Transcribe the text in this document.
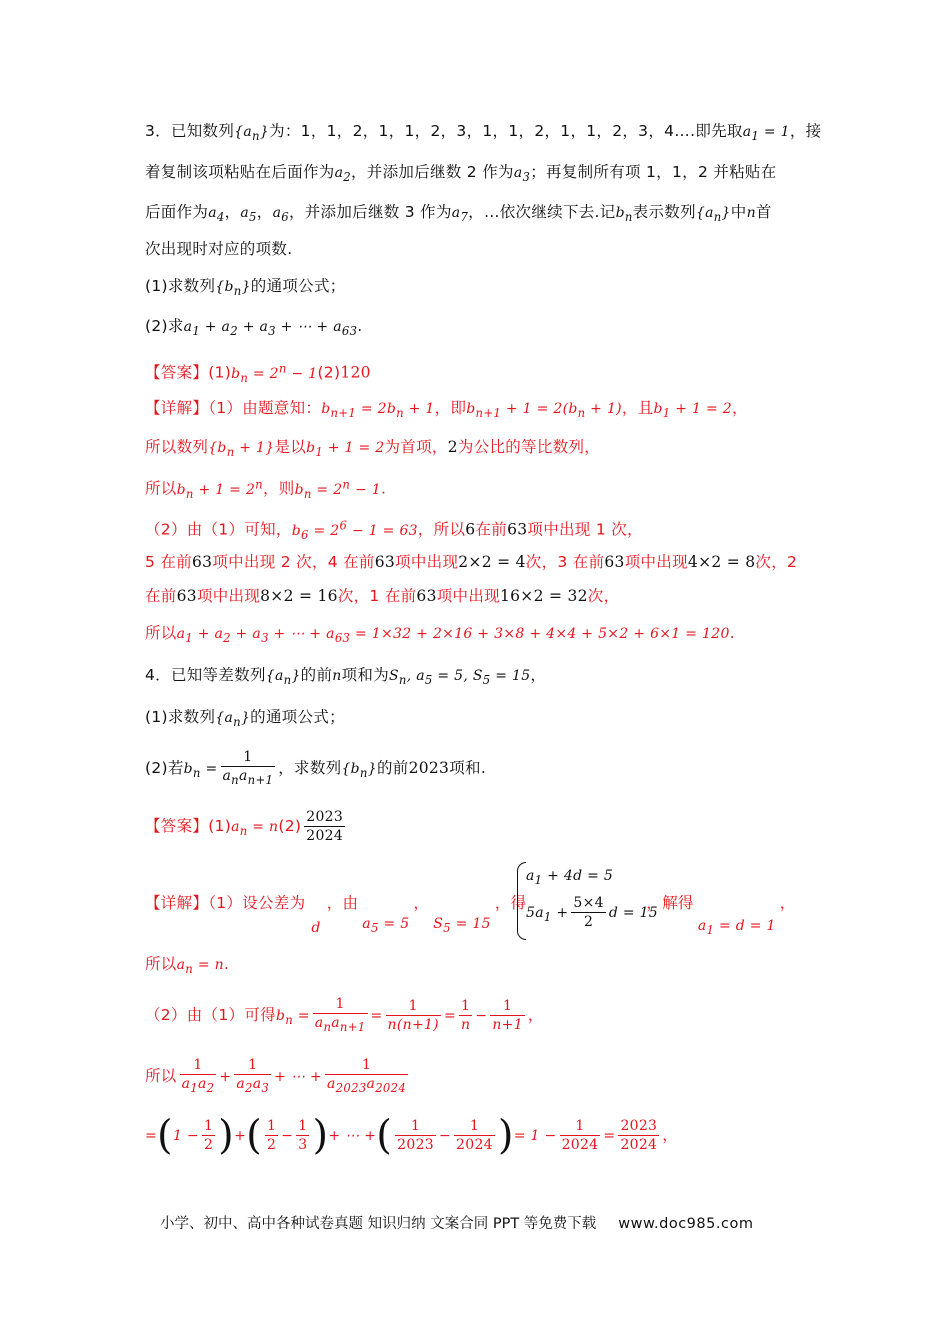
3．已知数列$\{a_n\}$为：1，1，2，1，1，2，3，1，1，2，1，1，2，3，4….即先取$a_1 = 1$，接
着复制该项粘贴在后面作为$a_2$，并添加后继数 2 作为$a_3$；再复制所有项 1，1，2 并粘贴在
后面作为$a_4$，$a_5$，$a_6$，并添加后继数 3 作为$a_7$，…依次继续下去.记$b_n$表示数列$\{a_n\}$中n首
次出现时对应的项数.
(1)求数列$\{b_n\}$的通项公式；
(2)求$a_1 + a_2 + a_3$ + ⋯ + $a_{63}$.
【答案】$(1)b_n = 2^n - 1(2)120$
【详解】（1）由题意知：$b_{n+1} = 2b_n + 1$，即$b_{n+1} + 1 = 2(b_n + 1)$，且$b_1 + 1 = 2$，
所以数列$\{b_n + 1\}$是以$b_1 + 1 = 2$为首项，2为公比的等比数列，
所以$b_n + 1 = 2^n$，则$b_n = 2^n - 1$.
（2）由（1）可知，$b_6 = 2^6 - 1 = 63$，所以6在前63项中出现 1 次，
5 在前63项中出现 2 次，4 在前63项中出现2×2 = 4次，3 在前63项中出现4×2 = 8次，2
在前63项中出现8×2 = 16次，1 在前63项中出现16×2 = 32次，
所以$a_1 + a_2 + a_3$ + ⋯ + $a_{63} = 1\times 32 + 2\times 16 + 3\times 8 + 4\times 4 + 5\times 2 + 6\times 1 = 120$.
4．已知等差数列$\{a_n\}$的前n项和为$S_n$, $a_5 = 5$, $S_5 = 15$，
(1)求数列$\{a_n\}$的通项公式；
(2)若$b_n = \frac{1}{a_na_{n+1}}$ ，求数列$\{b_n\}$的前2023项和.
【答案】$(1)a_n = n(2) \frac{2023}{2024}$
【详解】（1）设公差为d，由$a_5 = 5$，$S_5 = 15$，得	，解得$a_1 = d = 1$，
$a_1 + 4d = 5$
$5a_1 + \frac{5\times 4}{2}$ d = 15
所以$a_n = n$.
（2）由（1）可得$b_n = \frac{1}{a_na_{n+1}} = \frac{1}{n(n+1)} = \frac{1}{n} - \frac{1}{n+1}$ ，
所以 $\frac{1}{a_1a_2} + \frac{1}{a_2a_3}$ + ⋯ + $\frac{1}{a_{2023}a_{2024}}$
$=(1 - \frac{1}{2}$ )+( $\frac{1}{2} - \frac{1}{3}$ )+ ⋯ +( $\frac{1}{2023} - \frac{1}{2024}$ )= $1 - \frac{1}{2024} = \frac{2023}{2024}$ ，
小学、初中、高中各种试卷真题 知识归纳 文案合同 PPT 等免费下载 www.doc985.com
